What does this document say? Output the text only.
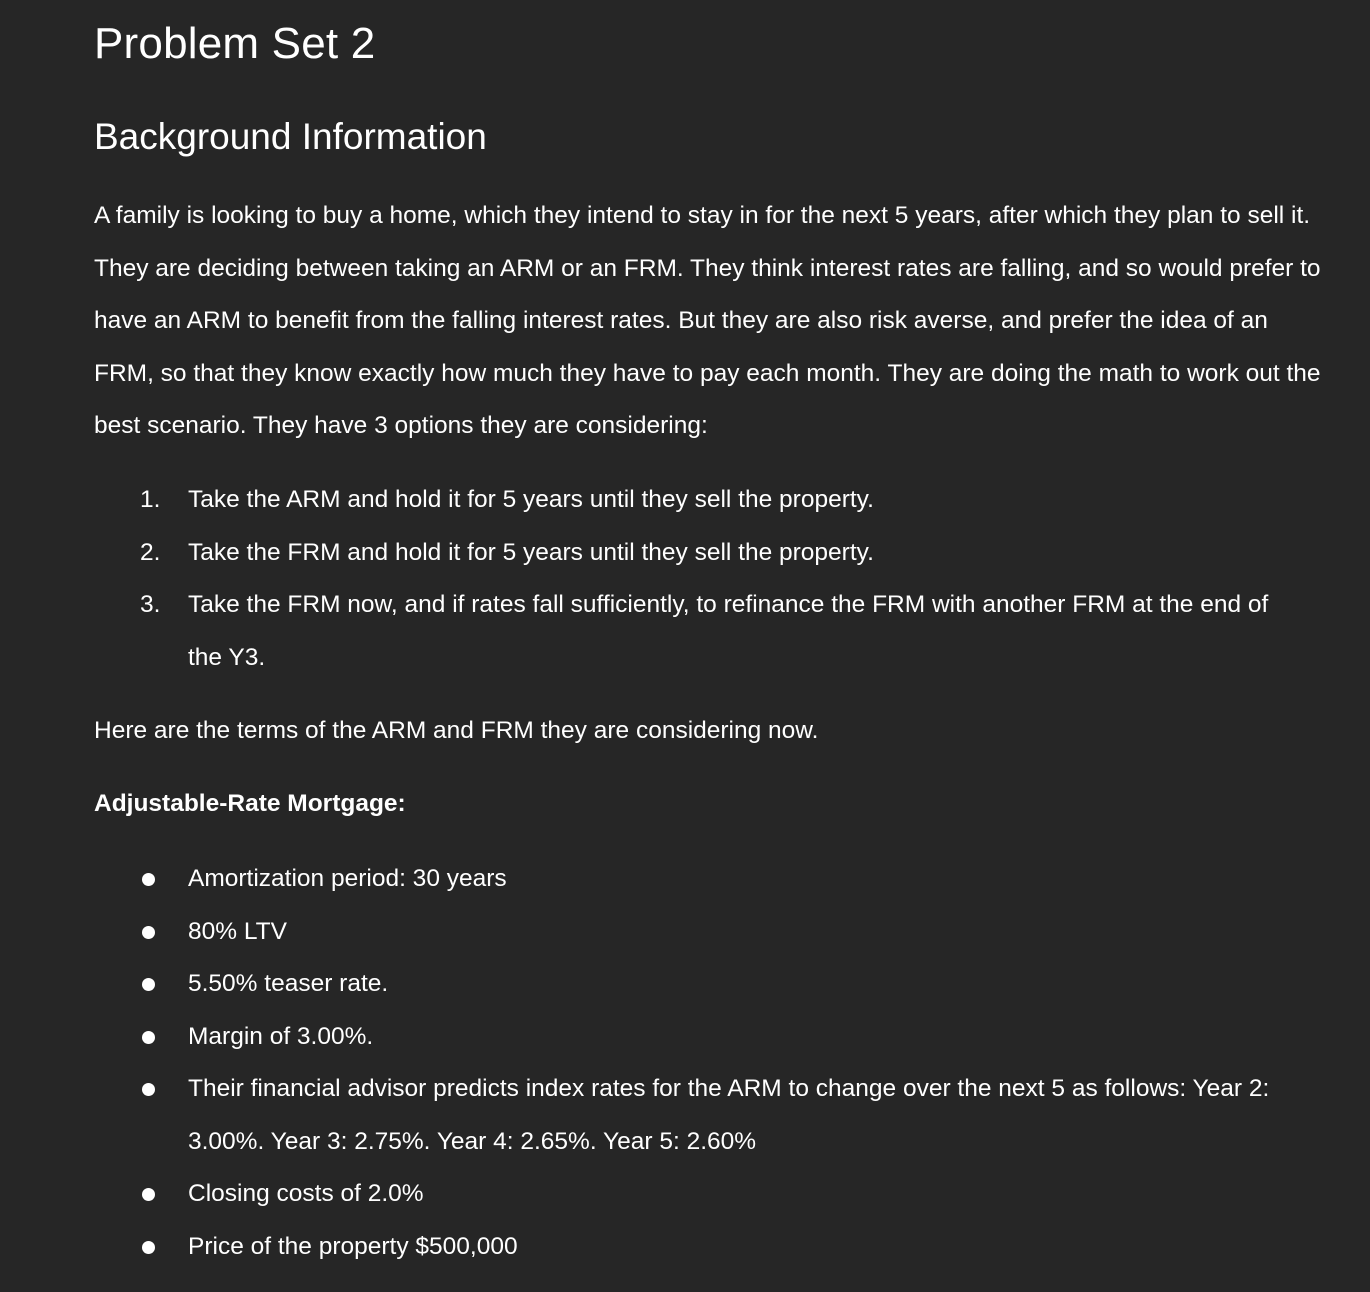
Problem Set 2
Background Information

A family is looking to buy a home, which they intend to stay in for the next 5 years, after which they plan to sell it. They are deciding between taking an ARM or an FRM. They think interest rates are falling, and so would prefer to have an ARM to benefit from the falling interest rates. But they are also risk averse, and prefer the idea of an FRM, so that they know exactly how much they have to pay each month. They are doing the math to work out the best scenario. They have 3 options they are considering:

1. Take the ARM and hold it for 5 years until they sell the property.
2. Take the FRM and hold it for 5 years until they sell the property.
3. Take the FRM now, and if rates fall sufficiently, to refinance the FRM with another FRM at the end of the Y3.

Here are the terms of the ARM and FRM they are considering now.

Adjustable-Rate Mortgage:

Amortization period: 30 years
80% LTV
5.50% teaser rate.
Margin of 3.00%.
Their financial advisor predicts index rates for the ARM to change over the next 5 as follows: Year 2: 3.00%. Year 3: 2.75%. Year 4: 2.65%. Year 5: 2.60%
Closing costs of 2.0%
Price of the property $500,000
